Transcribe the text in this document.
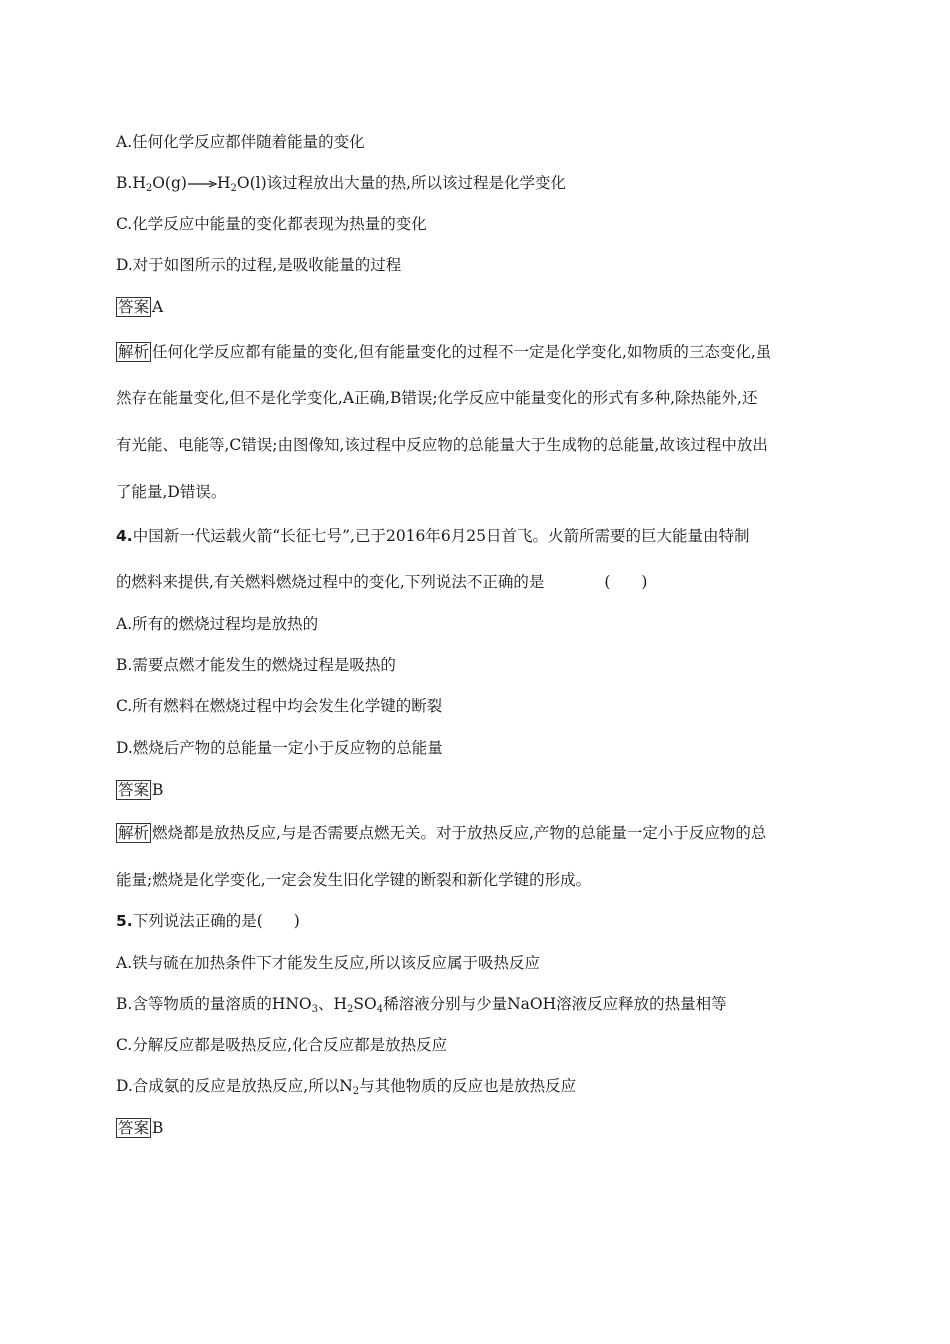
A.任何化学反应都伴随着能量的变化
$B.H_2O(g)\to H_2O(l)$该过程放出大量的热,所以该过程是化学变化
C.化学反应中能量的变化都表现为热量的变化
D.对于如图所示的过程,是吸收能量的过程
答案 A
解析 任何化学反应都有能量的变化,但有能量变化的过程不一定是化学变化,如物质的三态变化,虽
然存在能量变化,但不是化学变化,A正确,B错误;化学反应中能量变化的形式有多种,除热能外,还
有光能、电能等,C错误;由图像知,该过程中反应物的总能量大于生成物的总能量,故该过程中放出
了能量,D错误。
4.中国新一代运载火箭“长征七号”,已于2016年6月25日首飞。火箭所需要的巨大能量由特制
的燃料来提供,有关燃料燃烧过程中的变化,下列说法不正确的是	(　　)
A.所有的燃烧过程均是放热的
B.需要点燃才能发生的燃烧过程是吸热的
C.所有燃料在燃烧过程中均会发生化学键的断裂
D.燃烧后产物的总能量一定小于反应物的总能量
答案 B
解析 燃烧都是放热反应,与是否需要点燃无关。对于放热反应,产物的总能量一定小于反应物的总
能量;燃烧是化学变化,一定会发生旧化学键的断裂和新化学键的形成。
5.下列说法正确的是(　　)
A.铁与硫在加热条件下才能发生反应,所以该反应属于吸热反应
B.含等物质的量溶质的$HNO_3$、$H_2SO_4$稀溶液分别与少量NaOH溶液反应释放的热量相等
C.分解反应都是吸热反应,化合反应都是放热反应
D.合成氨的反应是放热反应,所以$N_2$与其他物质的反应也是放热反应
答案 B
